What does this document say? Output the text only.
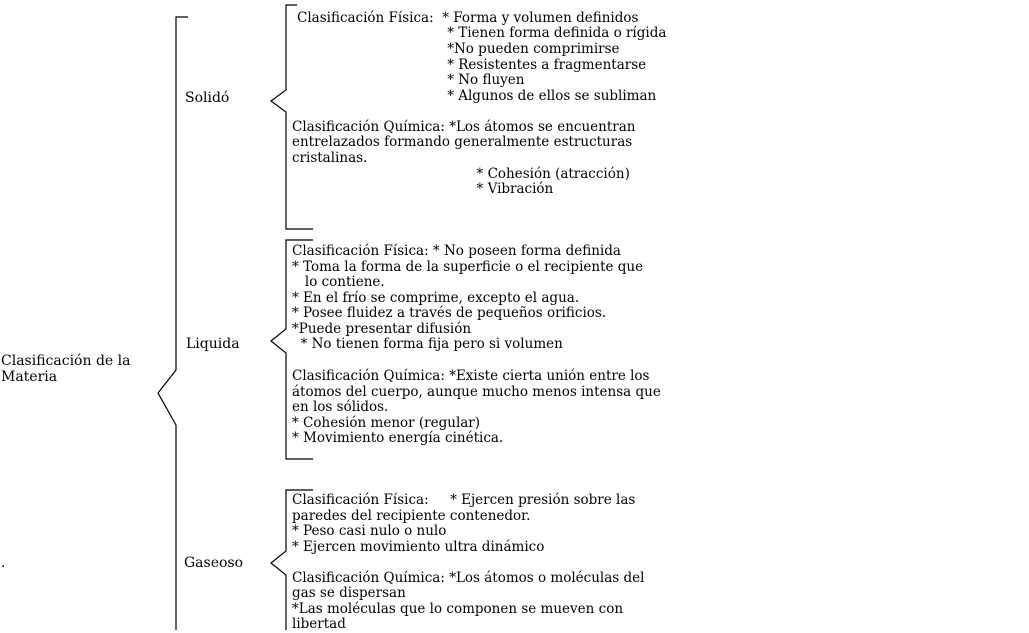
Clasificación de la
Materia
.
Solidó
Liquida
Gaseoso
Clasificación Física:  * Forma y volumen definidos
* Tienen forma definida o rígida
*No pueden comprimirse
* Resistentes a fragmentarse
* No fluyen
* Algunos de ellos se subliman
Clasificación Química: *Los átomos se encuentran
entrelazados formando generalmente estructuras
cristalinas.
* Cohesión (atracción)
* Vibración
Clasificación Física: * No poseen forma definida
* Toma la forma de la superficie o el recipiente que
lo contiene.
* En el frío se comprime, excepto el agua.
* Posee fluidez a través de pequeños orificios.
*Puede presentar difusión
* No tienen forma fija pero si volumen
Clasificación Química: *Existe cierta unión entre los
átomos del cuerpo, aunque mucho menos intensa que
en los sólidos.
* Cohesión menor (regular)
* Movimiento energía cinética.
Clasificación Física:     * Ejercen presión sobre las
paredes del recipiente contenedor.
* Peso casi nulo o nulo
* Ejercen movimiento ultra dinámico
Clasificación Química: *Los átomos o moléculas del
gas se dispersan
*Las moléculas que lo componen se mueven con
libertad
